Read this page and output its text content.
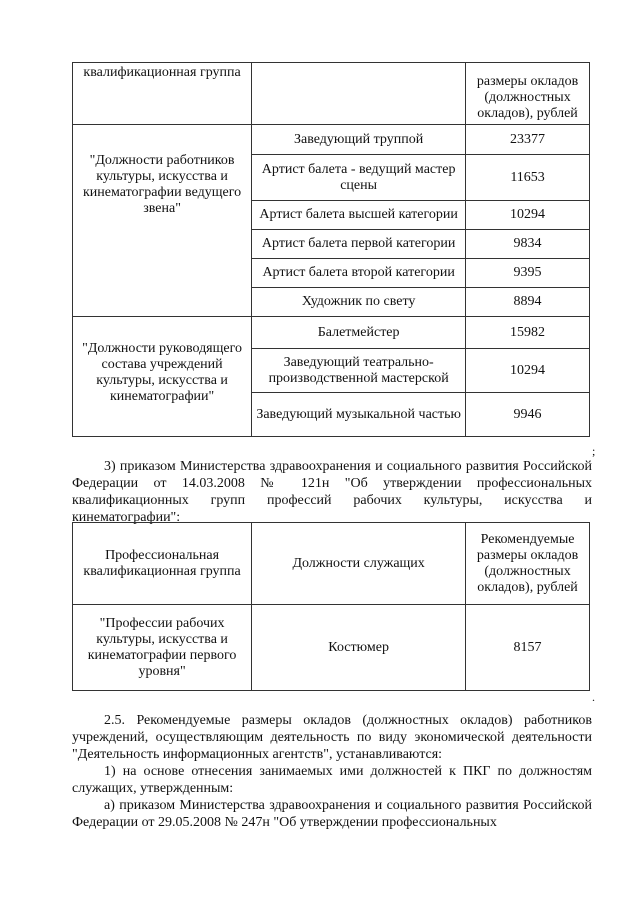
квалификационная группа		размеры окладов (должностных окладов), рублей
"Должности работников культуры, искусства и кинематографии ведущего звена"	Заведующий труппой	23377
	Артист балета - ведущий мастер сцены	11653
	Артист балета высшей категории	10294
	Артист балета первой категории	9834
	Артист балета второй категории	9395
	Художник по свету	8894
"Должности руководящего состава учреждений культуры, искусства и кинематографии"	Балетмейстер	15982
	Заведующий театрально-производственной мастерской	10294
	Заведующий музыкальной частью	9946
;

3) приказом Министерства здравоохранения и социального развития Российской Федерации от 14.03.2008 № 121н "Об утверждении профессиональных квалификационных групп профессий рабочих культуры, искусства и кинематографии":

Профессиональная квалификационная группа	Должности служащих	Рекомендуемые размеры окладов (должностных окладов), рублей
"Профессии рабочих культуры, искусства и кинематографии первого уровня"	Костюмер	8157
.

2.5. Рекомендуемые размеры окладов (должностных окладов) работников учреждений, осуществляющим деятельность по виду экономической деятельности "Деятельность информационных агентств", устанавливаются:

1) на основе отнесения занимаемых ими должностей к ПКГ по должностям служащих, утвержденным:

а) приказом Министерства здравоохранения и социального развития Российской Федерации от 29.05.2008 № 247н "Об утверждении профессиональных
